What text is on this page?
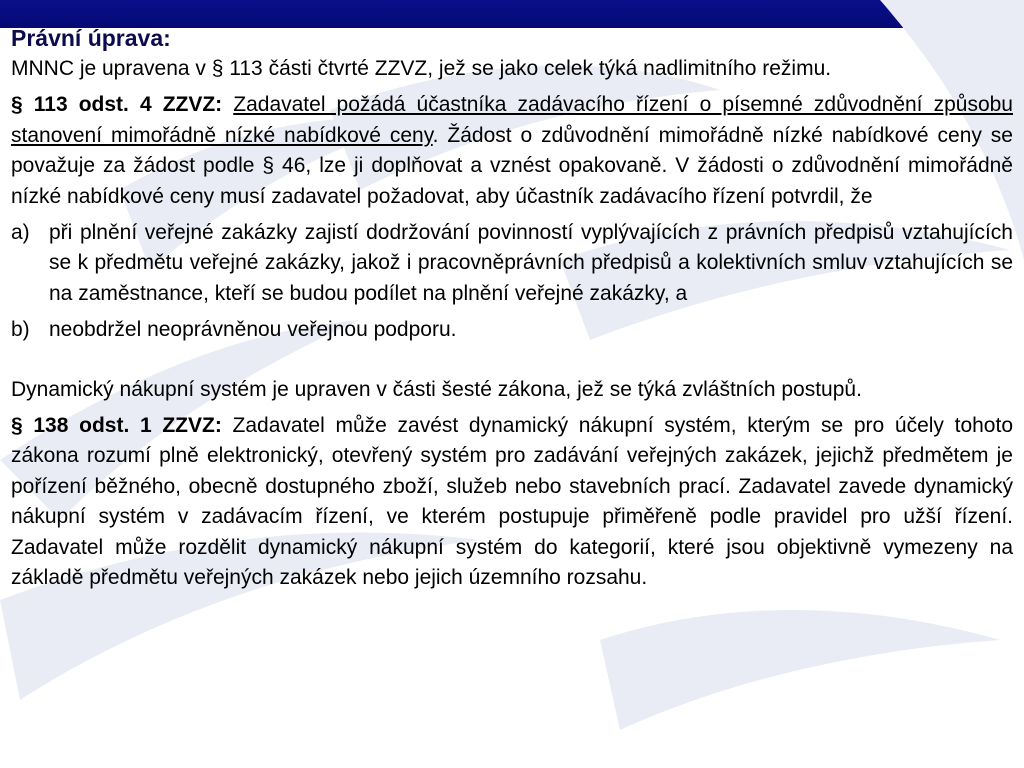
Právní úprava:

MNNC je upravena v § 113 části čtvrté ZZVZ, jež se jako celek týká nadlimitního režimu.

§ 113 odst. 4 ZZVZ: Zadavatel požádá účastníka zadávacího řízení o písemné zdůvodnění způsobu stanovení mimořádně nízké nabídkové ceny. Žádost o zdůvodnění mimořádně nízké nabídkové ceny se považuje za žádost podle § 46, lze ji doplňovat a vznést opakovaně. V žádosti o zdůvodnění mimořádně nízké nabídkové ceny musí zadavatel požadovat, aby účastník zadávacího řízení potvrdil, že

a) při plnění veřejné zakázky zajistí dodržování povinností vyplývajících z právních předpisů vztahujících se k předmětu veřejné zakázky, jakož i pracovněprávních předpisů a kolektivních smluv vztahujících se na zaměstnance, kteří se budou podílet na plnění veřejné zakázky, a
b) neobdržel neoprávněnou veřejnou podporu.

Dynamický nákupní systém je upraven v části šesté zákona, jež se týká zvláštních postupů.

§ 138 odst. 1 ZZVZ: Zadavatel může zavést dynamický nákupní systém, kterým se pro účely tohoto zákona rozumí plně elektronický, otevřený systém pro zadávání veřejných zakázek, jejichž předmětem je pořízení běžného, obecně dostupného zboží, služeb nebo stavebních prací. Zadavatel zavede dynamický nákupní systém v zadávacím řízení, ve kterém postupuje přiměřeně podle pravidel pro užší řízení. Zadavatel může rozdělit dynamický nákupní systém do kategorií, které jsou objektivně vymezeny na základě předmětu veřejných zakázek nebo jejich územního rozsahu.
